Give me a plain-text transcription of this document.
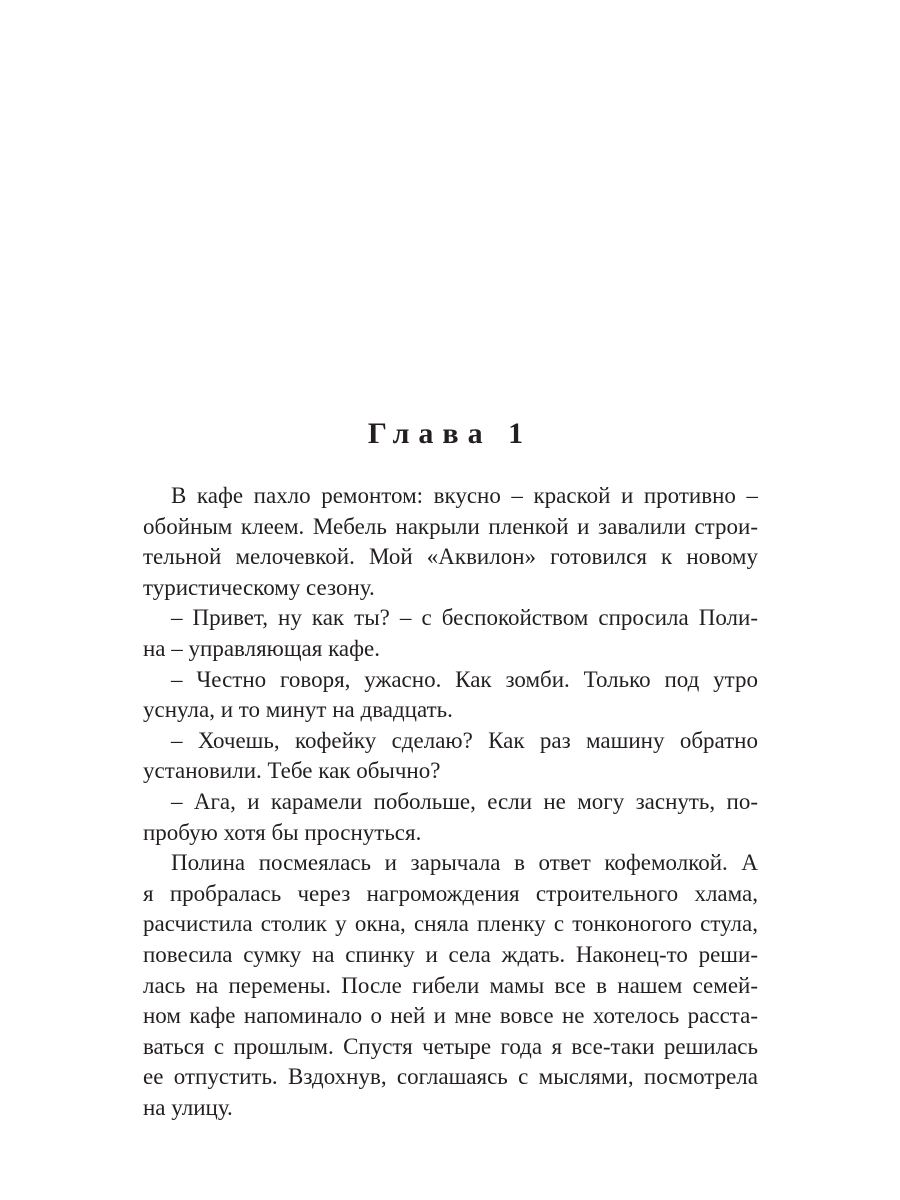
Глава 1
В кафе пахло ремонтом: вкусно – краской и противно –
обойным клеем. Мебель накрыли пленкой и завалили строи-
тельной мелочевкой. Мой «Аквилон» готовился к новому
туристическому сезону.
– Привет, ну как ты? – с беспокойством спросила Поли-
на – управляющая кафе.
– Честно говоря, ужасно. Как зомби. Только под утро
уснула, и то минут на двадцать.
– Хочешь, кофейку сделаю? Как раз машину обратно
установили. Тебе как обычно?
– Ага, и карамели побольше, если не могу заснуть, по-
пробую хотя бы проснуться.
Полина посмеялась и зарычала в ответ кофемолкой. А
я пробралась через нагромождения строительного хлама,
расчистила столик у окна, сняла пленку с тонконогого стула,
повесила сумку на спинку и села ждать. Наконец-то реши-
лась на перемены. После гибели мамы все в нашем семей-
ном кафе напоминало о ней и мне вовсе не хотелось расста-
ваться с прошлым. Спустя четыре года я все-таки решилась
ее отпустить. Вздохнув, соглашаясь с мыслями, посмотрела
на улицу.
